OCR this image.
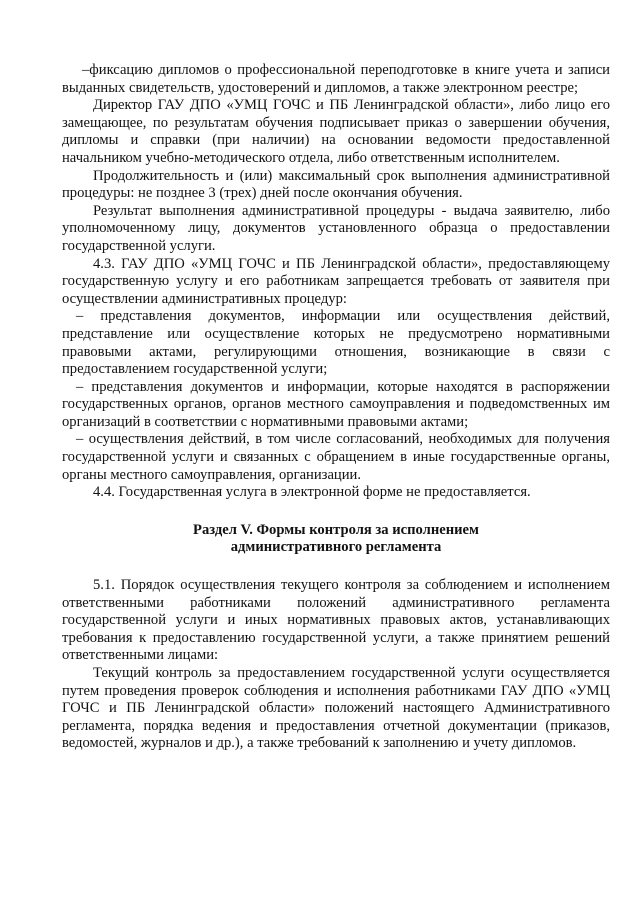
–фиксацию дипломов о профессиональной переподготовке в книге учета и записи выданных свидетельств, удостоверений и дипломов, а также электронном реестре;

Директор ГАУ ДПО «УМЦ ГОЧС и ПБ Ленинградской области», либо лицо его замещающее, по результатам обучения подписывает приказ о завершении обучения, дипломы и справки (при наличии) на основании ведомости предоставленной начальником учебно-методического отдела, либо ответственным исполнителем.

Продолжительность и (или) максимальный срок выполнения административной процедуры: не позднее 3 (трех) дней после окончания обучения.

Результат выполнения административной процедуры - выдача заявителю, либо уполномоченному лицу, документов установленного образца о предоставлении государственной услуги.

4.3. ГАУ ДПО «УМЦ ГОЧС и ПБ Ленинградской области», предоставляющему государственную услугу и его работникам запрещается требовать от заявителя при осуществлении административных процедур:

– представления документов, информации или осуществления действий, представление или осуществление которых не предусмотрено нормативными правовыми актами, регулирующими отношения, возникающие в связи с предоставлением государственной услуги;

– представления документов и информации, которые находятся в распоряжении государственных органов, органов местного самоуправления и подведомственных им организаций в соответствии с нормативными правовыми актами;

– осуществления действий, в том числе согласований, необходимых для получения государственной услуги и связанных с обращением в иные государственные органы, органы местного самоуправления, организации.

4.4. Государственная услуга в электронной форме не предоставляется.

Раздел V. Формы контроля за исполнением
административного регламента

5.1. Порядок осуществления текущего контроля за соблюдением и исполнением ответственными работниками положений административного регламента государственной услуги и иных нормативных правовых актов, устанавливающих требования к предоставлению государственной услуги, а также принятием решений ответственными лицами:

Текущий контроль за предоставлением государственной услуги осуществляется путем проведения проверок соблюдения и исполнения работниками ГАУ ДПО «УМЦ ГОЧС и ПБ Ленинградской области» положений настоящего Административного регламента, порядка ведения и предоставления отчетной документации (приказов, ведомостей, журналов и др.), а также требований к заполнению и учету дипломов.
